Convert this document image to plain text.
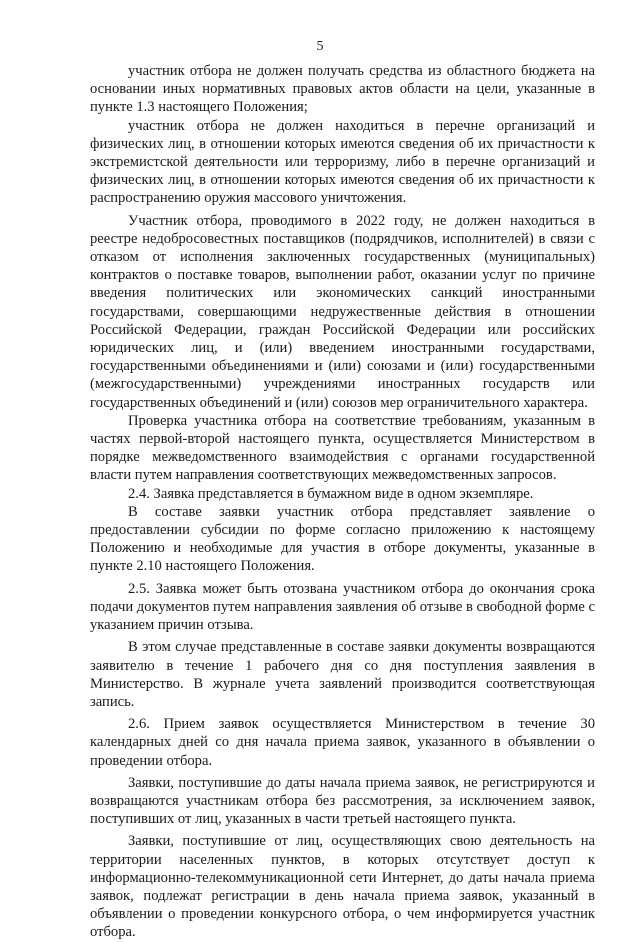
5

участник отбора не должен получать средства из областного бюджета на основании иных нормативных правовых актов области на цели, указанные в пункте 1.3 настоящего Положения;

участник отбора не должен находиться в перечне организаций и физических лиц, в отношении которых имеются сведения об их причастности к экстремистской деятельности или терроризму, либо в перечне организаций и физических лиц, в отношении которых имеются сведения об их причастности к распространению оружия массового уничтожения.

Участник отбора, проводимого в 2022 году, не должен находиться в реестре недобросовестных поставщиков (подрядчиков, исполнителей) в связи с отказом от исполнения заключенных государственных (муниципальных) контрактов о поставке товаров, выполнении работ, оказании услуг по причине введения политических или экономических санкций иностранными государствами, совершающими недружественные действия в отношении Российской Федерации, граждан Российской Федерации или российских юридических лиц, и (или) введением иностранными государствами, государственными объединениями и (или) союзами и (или) государственными (межгосударственными) учреждениями иностранных государств или государственных объединений и (или) союзов мер ограничительного характера.

Проверка участника отбора на соответствие требованиям, указанным в частях первой-второй настоящего пункта, осуществляется Министерством в порядке межведомственного взаимодействия с органами государственной власти путем направления соответствующих межведомственных запросов.

2.4. Заявка представляется в бумажном виде в одном экземпляре.

В составе заявки участник отбора представляет заявление о предоставлении субсидии по форме согласно приложению к настоящему Положению и необходимые для участия в отборе документы, указанные в пункте 2.10 настоящего Положения.

2.5. Заявка может быть отозвана участником отбора до окончания срока подачи документов путем направления заявления об отзыве в свободной форме с указанием причин отзыва.

В этом случае представленные в составе заявки документы возвращаются заявителю в течение 1 рабочего дня со дня поступления заявления в Министерство. В журнале учета заявлений производится соответствующая запись.

2.6. Прием заявок осуществляется Министерством в течение 30 календарных дней со дня начала приема заявок, указанного в объявлении о проведении отбора.

Заявки, поступившие до даты начала приема заявок, не регистрируются и возвращаются участникам отбора без рассмотрения, за исключением заявок, поступивших от лиц, указанных в части третьей настоящего пункта.

Заявки, поступившие от лиц, осуществляющих свою деятельность на территории населенных пунктов, в которых отсутствует доступ к информационно-телекоммуникационной сети Интернет, до даты начала приема заявок, подлежат регистрации в день начала приема заявок, указанный в объявлении о проведении конкурсного отбора, о чем информируется участник отбора.
